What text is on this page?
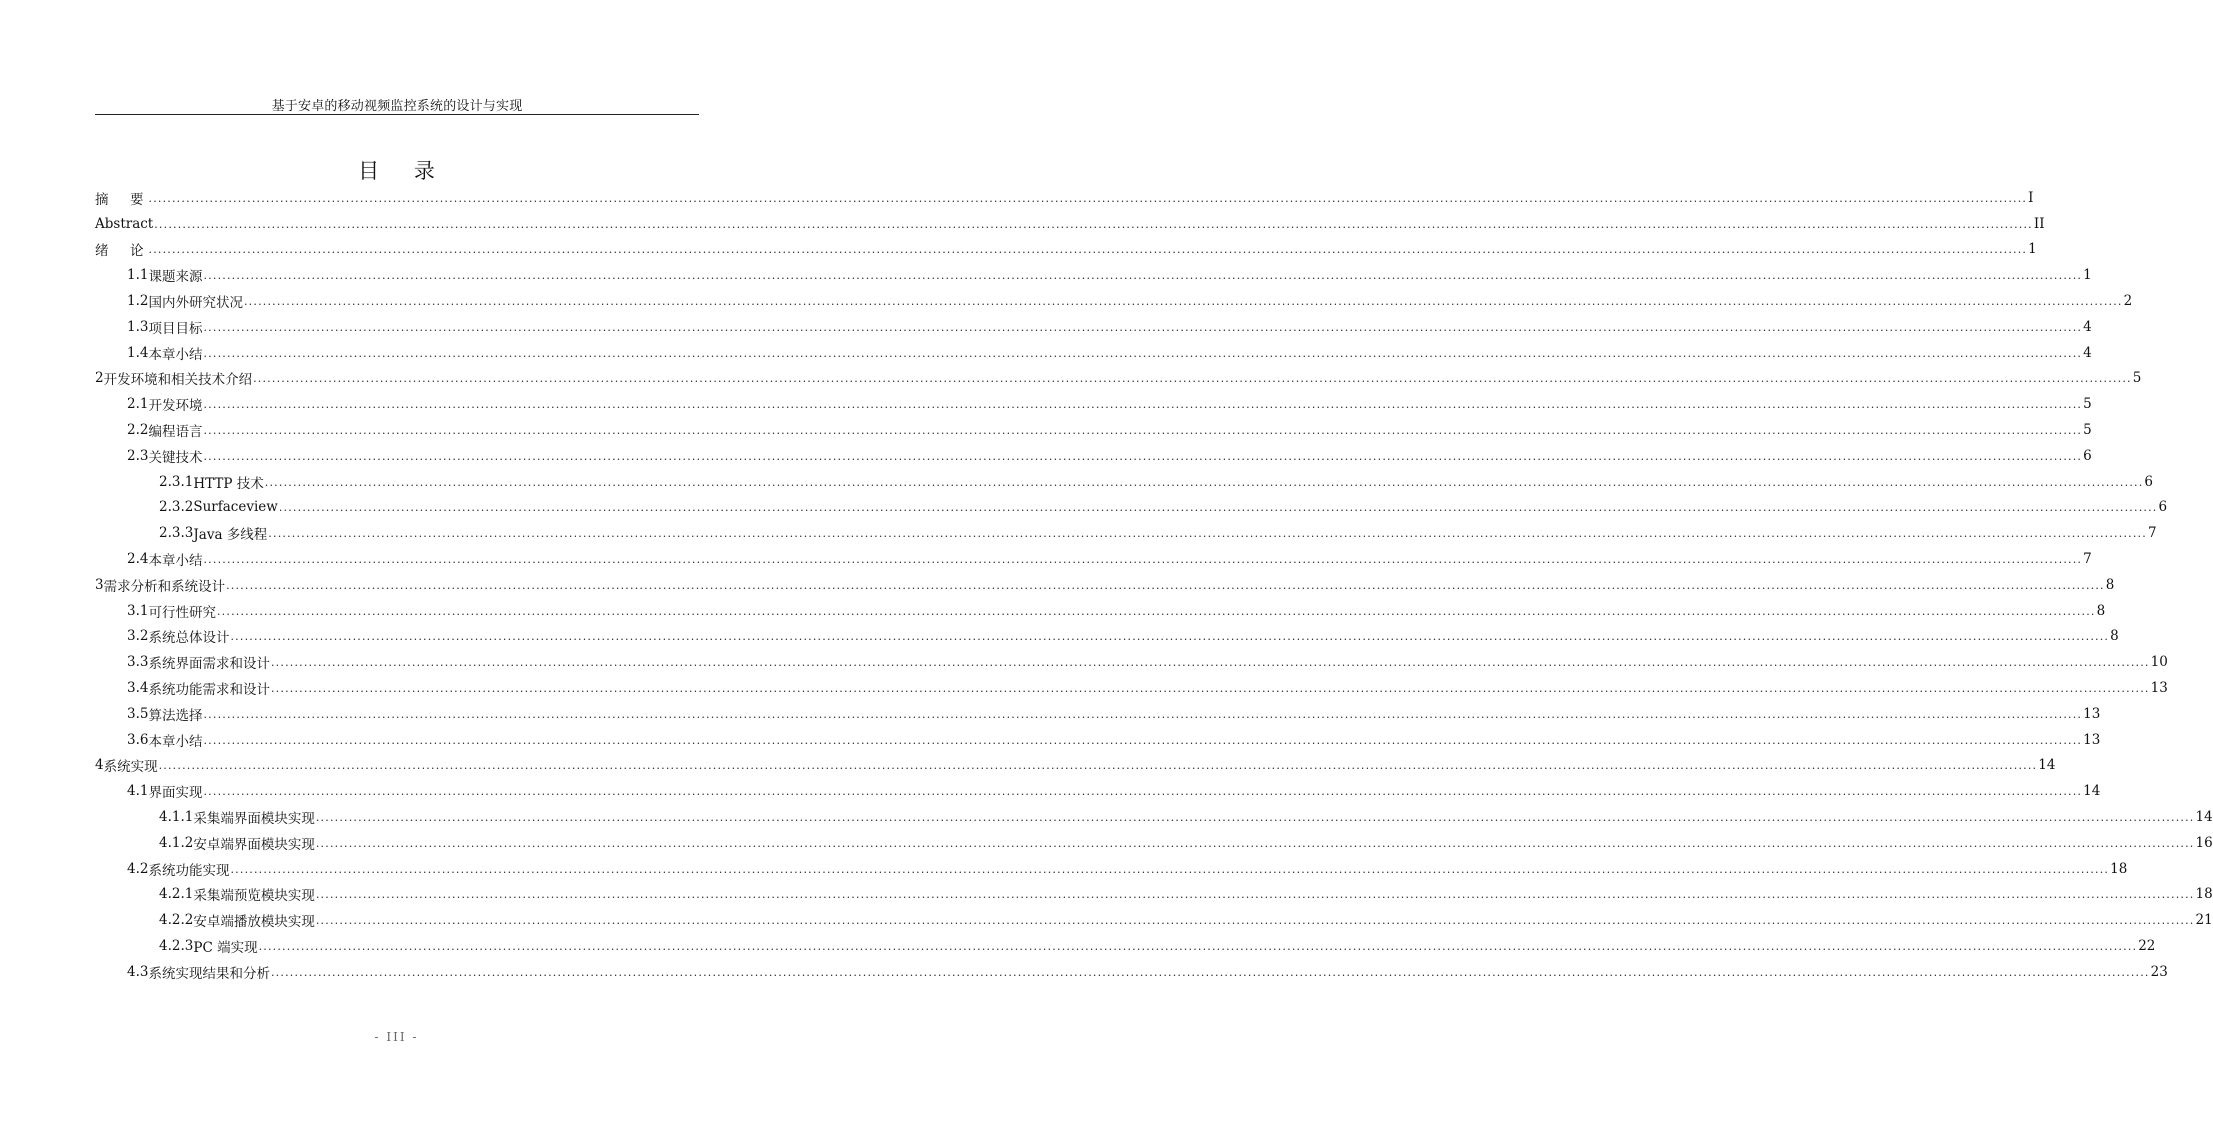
基于安卓的移动视频监控系统的设计与实现
目 录
摘　要 ................................................................................................................................................................................................................................................................................................................................................................................................................ I
Abstract ................................................................................................................................................................................................................................................................................................................................................................................................................ II
绪　论 ................................................................................................................................................................................................................................................................................................................................................................................................................ 1
1.1 课题来源 ................................................................................................................................................................................................................................................................................................................................................................................................................ 1
1.2 国内外研究状况 ................................................................................................................................................................................................................................................................................................................................................................................................................ 2
1.3 项目目标 ................................................................................................................................................................................................................................................................................................................................................................................................................ 4
1.4 本章小结 ................................................................................................................................................................................................................................................................................................................................................................................................................ 4
2 开发环境和相关技术介绍 ................................................................................................................................................................................................................................................................................................................................................................................................................ 5
2.1 开发环境 ................................................................................................................................................................................................................................................................................................................................................................................................................ 5
2.2 编程语言 ................................................................................................................................................................................................................................................................................................................................................................................................................ 5
2.3 关键技术 ................................................................................................................................................................................................................................................................................................................................................................................................................ 6
2.3.1 HTTP 技术 ................................................................................................................................................................................................................................................................................................................................................................................................................ 6
2.3.2 Surfaceview ................................................................................................................................................................................................................................................................................................................................................................................................................ 6
2.3.3 Java 多线程 ................................................................................................................................................................................................................................................................................................................................................................................................................ 7
2.4 本章小结 ................................................................................................................................................................................................................................................................................................................................................................................................................ 7
3 需求分析和系统设计 ................................................................................................................................................................................................................................................................................................................................................................................................................ 8
3.1 可行性研究 ................................................................................................................................................................................................................................................................................................................................................................................................................ 8
3.2 系统总体设计 ................................................................................................................................................................................................................................................................................................................................................................................................................ 8
3.3 系统界面需求和设计 ................................................................................................................................................................................................................................................................................................................................................................................................................ 10
3.4 系统功能需求和设计 ................................................................................................................................................................................................................................................................................................................................................................................................................ 13
3.5 算法选择 ................................................................................................................................................................................................................................................................................................................................................................................................................ 13
3.6 本章小结 ................................................................................................................................................................................................................................................................................................................................................................................................................ 13
4 系统实现 ................................................................................................................................................................................................................................................................................................................................................................................................................ 14
4.1 界面实现 ................................................................................................................................................................................................................................................................................................................................................................................................................ 14
4.1.1 采集端界面模块实现 ................................................................................................................................................................................................................................................................................................................................................................................................................ 14
4.1.2 安卓端界面模块实现 ................................................................................................................................................................................................................................................................................................................................................................................................................ 16
4.2 系统功能实现 ................................................................................................................................................................................................................................................................................................................................................................................................................ 18
4.2.1 采集端预览模块实现 ................................................................................................................................................................................................................................................................................................................................................................................................................ 18
4.2.2 安卓端播放模块实现 ................................................................................................................................................................................................................................................................................................................................................................................................................ 21
4.2.3 PC 端实现 ................................................................................................................................................................................................................................................................................................................................................................................................................ 22
4.3 系统实现结果和分析 ................................................................................................................................................................................................................................................................................................................................................................................................................ 23
- III -
